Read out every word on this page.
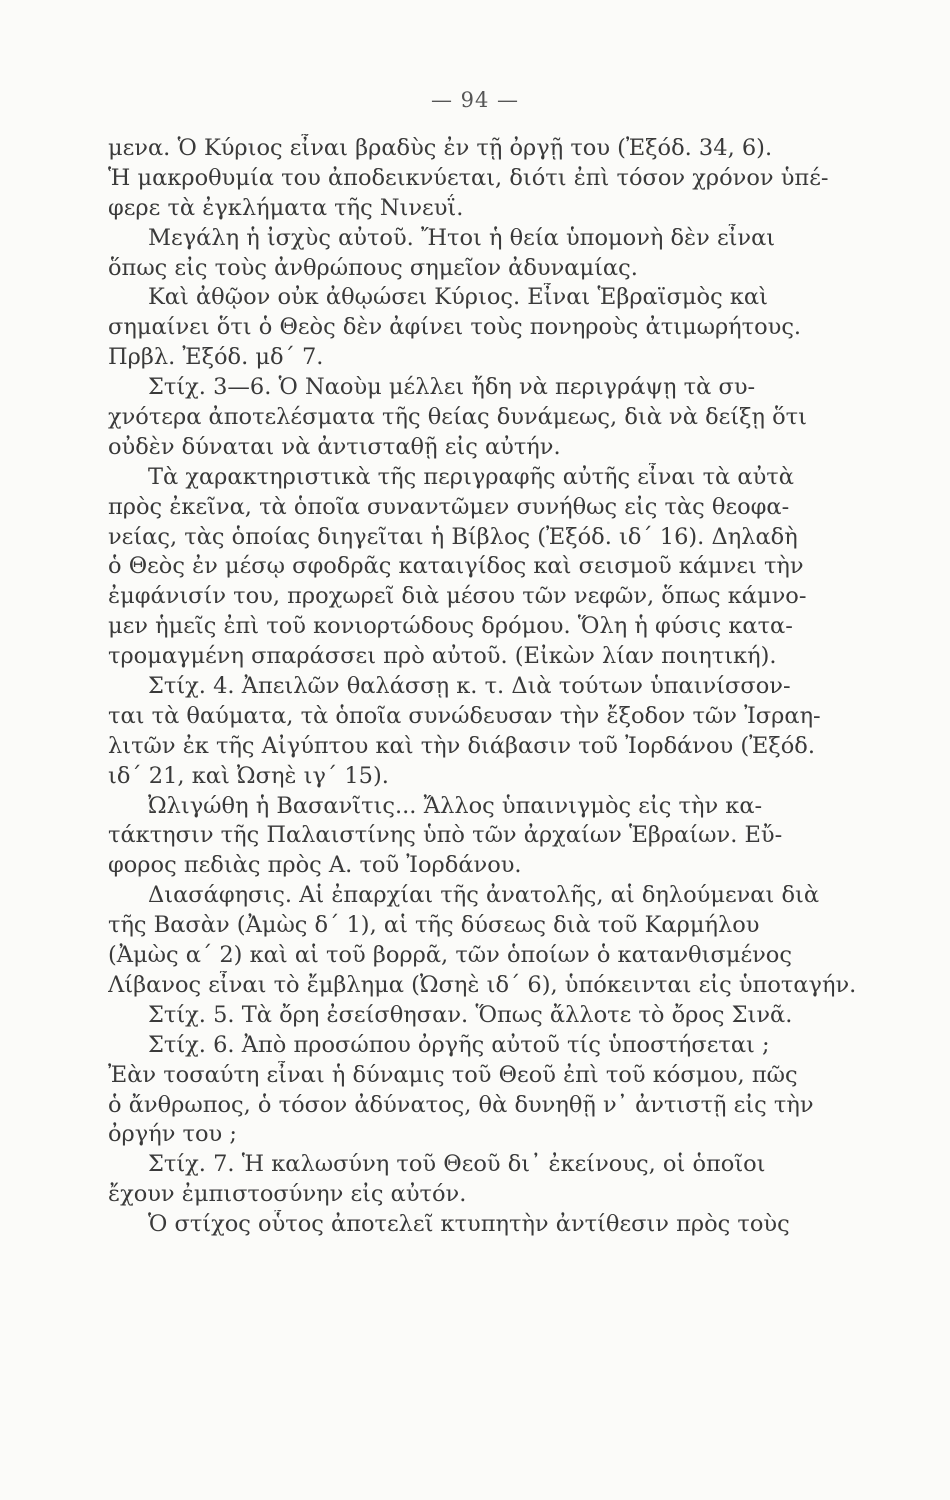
— 94 —
μενα. Ὁ Κύριος εἶναι βραδὺς ἐν τῇ ὀργῇ του (Ἐξόδ. 34, 6).
Ἡ μακροθυμία του ἀποδεικνύεται, διότι ἐπὶ τόσον χρόνον ὑπέ-
φερε τὰ ἐγκλήματα τῆς Νινευΐ.
Μεγάλη ἡ ἰσχὺς αὐτοῦ. Ἤτοι ἡ θεία ὑπομονὴ δὲν εἶναι
ὅπως εἰς τοὺς ἀνθρώπους σημεῖον ἀδυναμίας.
Καὶ ἀθῷον οὐκ ἀθῳώσει Κύριος. Εἶναι Ἑβραϊσμὸς καὶ
σημαίνει ὅτι ὁ Θεὸς δὲν ἀφίνει τοὺς πονηροὺς ἀτιμωρήτους.
Πρβλ. Ἐξόδ. μδ΄ 7.
Στίχ. 3—6. Ὁ Ναοὺμ μέλλει ἤδη νὰ περιγράψῃ τὰ συ-
χνότερα ἀποτελέσματα τῆς θείας δυνάμεως, διὰ νὰ δείξῃ ὅτι
οὐδὲν δύναται νὰ ἀντισταθῇ εἰς αὐτήν.
Τὰ χαρακτηριστικὰ τῆς περιγραφῆς αὐτῆς εἶναι τὰ αὐτὰ
πρὸς ἐκεῖνα, τὰ ὁποῖα συναντῶμεν συνήθως εἰς τὰς θεοφα-
νείας, τὰς ὁποίας διηγεῖται ἡ Βίβλος (Ἐξόδ. ιδ΄ 16). Δηλαδὴ
ὁ Θεὸς ἐν μέσῳ σφοδρᾶς καταιγίδος καὶ σεισμοῦ κάμνει τὴν
ἐμφάνισίν του, προχωρεῖ διὰ μέσου τῶν νεφῶν, ὅπως κάμνο-
μεν ἡμεῖς ἐπὶ τοῦ κονιορτώδους δρόμου. Ὅλη ἡ φύσις κατα-
τρομαγμένη σπαράσσει πρὸ αὐτοῦ. (Εἰκὼν λίαν ποιητική).
Στίχ. 4. Ἀπειλῶν θαλάσσῃ κ. τ. Διὰ τούτων ὑπαινίσσον-
ται τὰ θαύματα, τὰ ὁποῖα συνώδευσαν τὴν ἔξοδον τῶν Ἰσραη-
λιτῶν ἐκ τῆς Αἰγύπτου καὶ τὴν διάβασιν τοῦ Ἰορδάνου (Ἐξόδ.
ιδ΄ 21, καὶ Ὠσηὲ ιγ΄ 15).
Ὠλιγώθη ἡ Βασανῖτις... Ἄλλος ὑπαινιγμὸς εἰς τὴν κα-
τάκτησιν τῆς Παλαιστίνης ὑπὸ τῶν ἀρχαίων Ἑβραίων. Εὔ-
φορος πεδιὰς πρὸς Α. τοῦ Ἰορδάνου.
Διασάφησις. Αἱ ἐπαρχίαι τῆς ἀνατολῆς, αἱ δηλούμεναι διὰ
τῆς Βασὰν (Ἀμὼς δ΄ 1), αἱ τῆς δύσεως διὰ τοῦ Καρμήλου
(Ἀμὼς α΄ 2) καὶ αἱ τοῦ βορρᾶ, τῶν ὁποίων ὁ κατανθισμένος
Λίβανος εἶναι τὸ ἔμβλημα (Ὠσηὲ ιδ΄ 6), ὑπόκεινται εἰς ὑποταγήν.
Στίχ. 5. Τὰ ὄρη ἐσείσθησαν. Ὅπως ἄλλοτε τὸ ὄρος Σινᾶ.
Στίχ. 6. Ἀπὸ προσώπου ὀργῆς αὐτοῦ τίς ὑποστήσεται ;
Ἐὰν τοσαύτη εἶναι ἡ δύναμις τοῦ Θεοῦ ἐπὶ τοῦ κόσμου, πῶς
ὁ ἄνθρωπος, ὁ τόσον ἀδύνατος, θὰ δυνηθῇ ν᾿ ἀντιστῇ εἰς τὴν
ὀργήν του ;
Στίχ. 7. Ἡ καλωσύνη τοῦ Θεοῦ δι᾿ ἐκείνους, οἱ ὁποῖοι
ἔχουν ἐμπιστοσύνην εἰς αὐτόν.
Ὁ στίχος οὗτος ἀποτελεῖ κτυπητὴν ἀντίθεσιν πρὸς τοὺς
